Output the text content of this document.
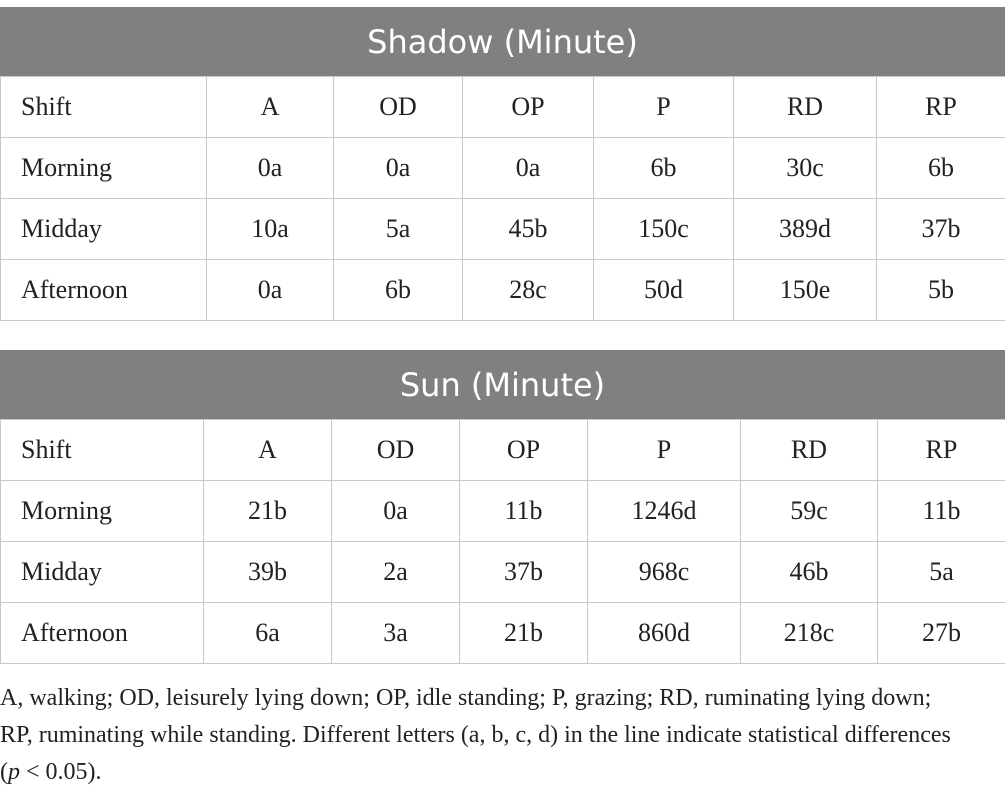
Shadow (Minute)
Shift	A	OD	OP	P	RD	RP
Morning	0a	0a	0a	6b	30c	6b
Midday	10a	5a	45b	150c	389d	37b
Afternoon	0a	6b	28c	50d	150e	5b
Sun (Minute)
Shift	A	OD	OP	P	RD	RP
Morning	21b	0a	11b	1246d	59c	11b
Midday	39b	2a	37b	968c	46b	5a
Afternoon	6a	3a	21b	860d	218c	27b
A, walking; OD, leisurely lying down; OP, idle standing; P, grazing; RD, ruminating lying down; RP, ruminating while standing. Different letters (a, b, c, d) in the line indicate statistical differences (p < 0.05).
